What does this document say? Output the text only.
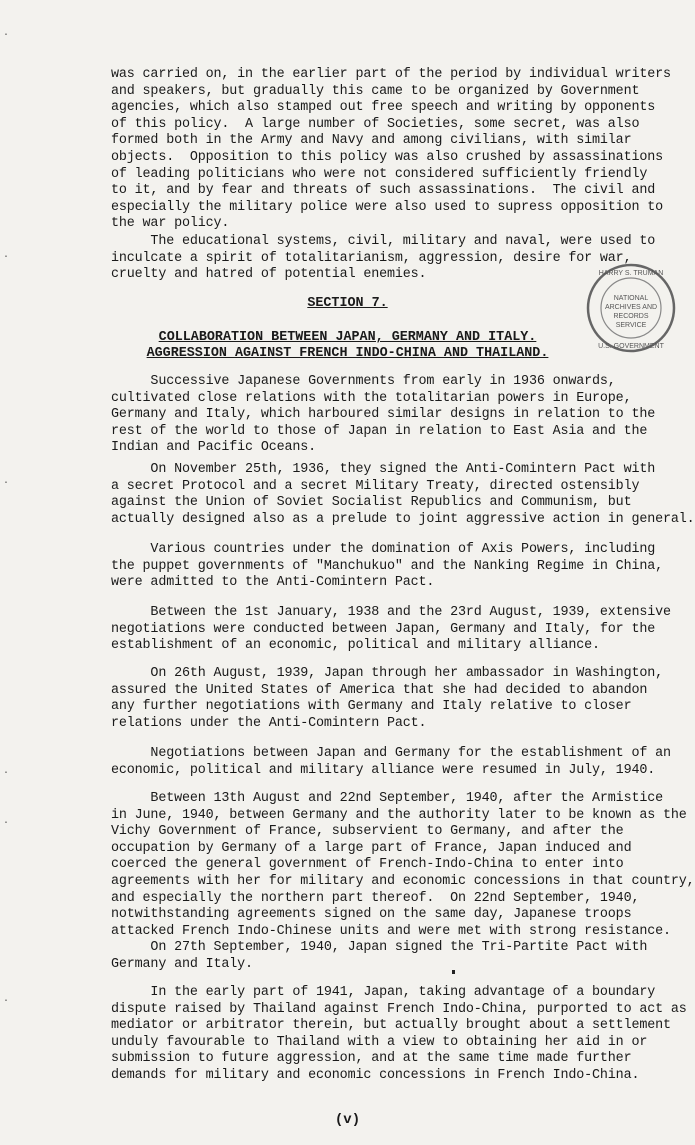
·
·
·
·
·
·
was carried on, in the earlier part of the period by individual writers
and speakers, but gradually this came to be organized by Government
agencies, which also stamped out free speech and writing by opponents
of this policy.  A large number of Societies, some secret, was also
formed both in the Army and Navy and among civilians, with similar
objects.  Opposition to this policy was also crushed by assassinations
of leading politicians who were not considered sufficiently friendly
to it, and by fear and threats of such assassinations.  The civil and
especially the military police were also used to supress opposition to
the war policy.
The educational systems, civil, military and naval, were used to
inculcate a spirit of totalitarianism, aggression, desire for war,
cruelty and hatred of potential enemies.
SECTION 7.
COLLABORATION BETWEEN JAPAN, GERMANY AND ITALY.
AGGRESSION AGAINST FRENCH INDO-CHINA AND THAILAND.
NATIONAL
ARCHIVES AND
RECORDS
SERVICE
HARRY S. TRUMAN
U.S. GOVERNMENT
Successive Japanese Governments from early in 1936 onwards,
cultivated close relations with the totalitarian powers in Europe,
Germany and Italy, which harboured similar designs in relation to the
rest of the world to those of Japan in relation to East Asia and the
Indian and Pacific Oceans.
On November 25th, 1936, they signed the Anti-Comintern Pact with
a secret Protocol and a secret Military Treaty, directed ostensibly
against the Union of Soviet Socialist Republics and Communism, but
actually designed also as a prelude to joint aggressive action in general.
Various countries under the domination of Axis Powers, including
the puppet governments of "Manchukuo" and the Nanking Regime in China,
were admitted to the Anti-Comintern Pact.
Between the 1st January, 1938 and the 23rd August, 1939, extensive
negotiations were conducted between Japan, Germany and Italy, for the
establishment of an economic, political and military alliance.
On 26th August, 1939, Japan through her ambassador in Washington,
assured the United States of America that she had decided to abandon
any further negotiations with Germany and Italy relative to closer
relations under the Anti-Comintern Pact.
Negotiations between Japan and Germany for the establishment of an
economic, political and military alliance were resumed in July, 1940.
Between 13th August and 22nd September, 1940, after the Armistice
in June, 1940, between Germany and the authority later to be known as the
Vichy Government of France, subservient to Germany, and after the
occupation by Germany of a large part of France, Japan induced and
coerced the general government of French-Indo-China to enter into
agreements with her for military and economic concessions in that country,
and especially the northern part thereof.  On 22nd September, 1940,
notwithstanding agreements signed on the same day, Japanese troops
attacked French Indo-Chinese units and were met with strong resistance.
On 27th September, 1940, Japan signed the Tri-Partite Pact with
Germany and Italy.
In the early part of 1941, Japan, taking advantage of a boundary
dispute raised by Thailand against French Indo-China, purported to act as
mediator or arbitrator therein, but actually brought about a settlement
unduly favourable to Thailand with a view to obtaining her aid in or
submission to future aggression, and at the same time made further
demands for military and economic concessions in French Indo-China.
(v)
